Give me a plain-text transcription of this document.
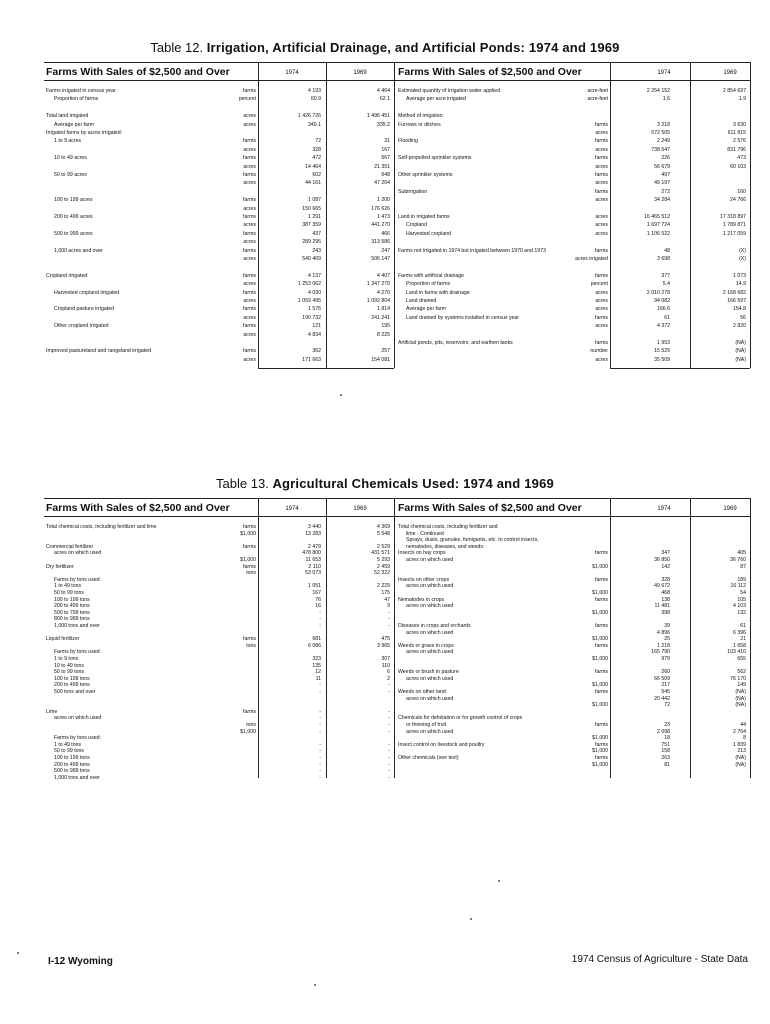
Table 12. Irrigation, Artificial Drainage, and Artificial Ponds: 1974 and 1969
Farms With Sales of $2,500 and Over	Farms With Sales of $2,500 and Over
1974	1969	1974	1969
Farms irrigated in census year	farms	4 193	4 464
Proportion of farms	percent	60.9	62.1
Total land irrigated	acres	1 426 726	1 496 451
Average per farm	acres	340.1	335.2
Irrigated farms by acres irrigated:
1 to 9 acres	farms	72	31
acres	328	167
10 to 49 acres	farms	472	567
acres	14 464	21 351
50 to 99 acres	farms	602	648
acres	44 161	47 204
100 to 199 acres	farms	1 087	1 200
acres	150 665	176 626
200 to 499 acres	farms	1 291	1 473
acres	387 359	441 270
500 to 999 acres	farms	437	466
acres	289 295	313 586
1,000 acres and over	farms	243	247
acres	540 469	506 147
Cropland irrigated	farms	4 137	4 407
acres	1 253 062	1 347 270
Harvested cropland irrigated	farms	4 030	4 270
acres	1 059 495	1 092 804
Cropland pasture irrigated	farms	1 576	1 814
acres	190 732	241 241
Other cropland irrigated	farms	121	195
acres	4 834	8 225
Improved pastureland and rangeland irrigated	farms	362	257
acres	171 663	154 081
Estimated quantity of irrigation water applied	acre-feet	2 254 152	2 854 697
Average per acre irrigated	acre-feet	1.6	1.9
Method of irrigation:
Furrows or ditches	farms	3 218	3 630
acres	572 505	611 815
Flooding	farms	2 249	2 576
acres	738 547	831 796
Self-propelled sprinkler systems	farms	226	473
acres	56 679	60 103
Other sprinkler systems	farms	497
acres	49 197
Subirrigation	farms	272	160
acres	34 284	24 766
Land in irrigated farms	acres	16 465 512	17 318 897
Cropland	acres	1 697 724	1 789 871
Harvested cropland	acres	1 106 522	1 217 059
Farms not irrigated in 1974 but irrigated between 1970 and 1973	farms	48	(X)
acres irrigated	3 698	(X)
Farms with artificial drainage	farms	377	1 073
Proportion of farms	percent	5.4	14.9
Land in farms with drainage	acres	2 010 278	2 168 682
Land drained	acres	94 082	166 597
Average per farm	acres	166.6	154.8
Land drained by systems installed in census year	farms	61	56
acres	4 372	2 820
Artificial ponds, pits, reservoirs, and earthen tanks	farms	1 953	(NA)
number	15 529	(NA)
acres	35 509	(NA)
Table 13. Agricultural Chemicals Used: 1974 and 1969
Farms With Sales of $2,500 and Over	Farms With Sales of $2,500 and Over
1974	1969	1974	1969
Total chemical costs, including fertilizer and lime	farms	3 440	4 369
$1,000	13 283	5 548
Commercial fertilizer	farms	2 479	2 529
acres on which used	478 800	431 571
$1,000	11 653	5 293
Dry fertilizer	farms	2 110	2 459
tons	53 073	52 322
Farms by tons used:
1 to 49 tons	1 051	2 229
50 to 99 tons	167	175
100 to 199 tons	76	47
200 to 499 tons	16	9
500 to 799 tons	-	-
800 to 999 tons	-	-
1,000 tons and over	-	-
Liquid fertilizer	farms	681	475
tons	6 086	3 965
Farms by tons used:
1 to 9 tons	323	307
10 to 49 tons	135	110
50 to 99 tons	12	6
100 to 199 tons	11	2
200 to 499 tons	-	-
500 tons and over	-	-
Lime	farms	-	-
acres on which used	-	-
tons	-	-
$1,000	-	-
Farms by tons used:
1 to 49 tons	-	-
50 to 99 tons	-	-
100 to 199 tons	-	-
200 to 499 tons	-	-
500 to 999 tons	-	-
1,000 tons and over	-	-
Total chemical costs, including fertilizer and
lime - Continued
Sprays, dusts, granules, fumigants, etc. to control insects,
nematodes, diseases, and weeds:
Insects on hay crops	farms	347	405
acres on which used	36 850	36 760
$1,000	142	87
Insects on other crops	farms	328	189
acres on which used	49 672	16 112
$1,000	468	54
Nematodes in crops	farms	138	105
acres on which used	11 481	4 103
$1,000	398	132
Diseases in crops and orchards	farms	39	61
acres on which used	4 896	6 396
$1,000	25	21
Weeds or grass in crops	farms	1 218	1 658
acres on which used	165 790	103 410
$1,000	979	655
Weeds or brush in pasture	farms	260	562
acres on which used	66 509	76 170
$1,000	217	149
Weeds on other land	farms	545	(NA)
acres on which used	20 442	(NA)
$1,000	72	(NA)
Chemicals for defoliation or for growth control of crops
or thinning of fruit	farms	23	44
acres on which used	2 098	2 764
$1,000	18	8
Insect control on livestock and poultry	farms	751	1 839
$1,000	158	213
Other chemicals (see text)	farms	263	(NA)
$1,000	81	(NA)
I-12 Wyoming	1974 Census of Agriculture - State Data
